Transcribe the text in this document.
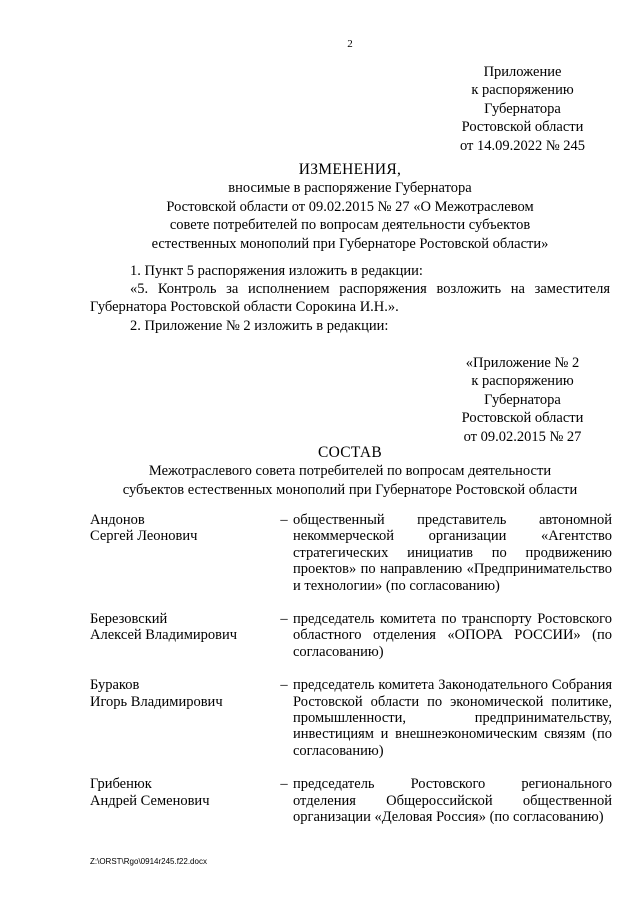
2
Приложение
к распоряжению
Губернатора
Ростовской области
от 14.09.2022 № 245
ИЗМЕНЕНИЯ,
вносимые в распоряжение Губернатора
Ростовской области от 09.02.2015 № 27 «О Межотраслевом
совете потребителей по вопросам деятельности субъектов
естественных монополий при Губернаторе Ростовской области»
1. Пункт 5 распоряжения изложить в редакции:
«5. Контроль за исполнением распоряжения возложить на заместителя Губернатора Ростовской области Сорокина И.Н.».
2. Приложение № 2 изложить в редакции:
«Приложение № 2
к распоряжению
Губернатора
Ростовской области
от 09.02.2015 № 27
СОСТАВ
Межотраслевого совета потребителей по вопросам деятельности
субъектов естественных монополий при Губернаторе Ростовской области
Андонов
Сергей Леонович
– общественный представитель автономной некоммерческой организации «Агентство стратегических инициатив по продвижению проектов» по направлению «Предпринимательство и технологии» (по согласованию)
Березовский
Алексей Владимирович
– председатель комитета по транспорту Ростовского областного отделения «ОПОРА РОССИИ» (по согласованию)
Бураков
Игорь Владимирович
– председатель комитета Законодательного Собрания Ростовской области по экономической политике, промышленности, предпринимательству, инвестициям и внешнеэкономическим связям (по согласованию)
Грибенюк
Андрей Семенович
– председатель Ростовского регионального отделения Общероссийской общественной организации «Деловая Россия» (по согласованию)
Z:\ORST\Rgo\0914r245.f22.docx
